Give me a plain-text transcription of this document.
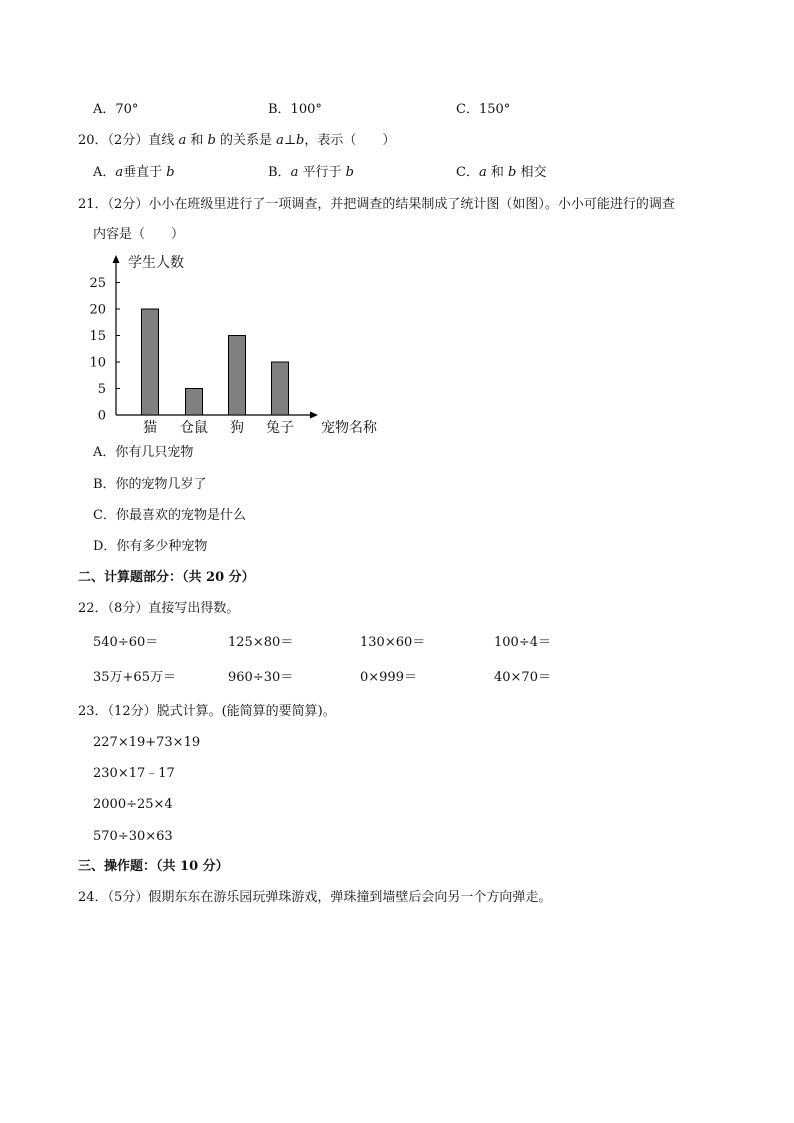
A．70°	B．100°	C．150°
20．（2分）直线 a 和 b 的关系是 a⊥b，表示（　　）
A．a垂直于 b	B．a 平行于 b	C．a 和 b 相交
21．（2分）小小在班级里进行了一项调查，并把调查的结果制成了统计图（如图）。小小可能进行的调查
内容是（　　）
0
5
10
15
20
25
学生人数
猫 仓鼠 狗 兔子 宠物名称
A．你有几只宠物
B．你的宠物几岁了
C．你最喜欢的宠物是什么
D．你有多少种宠物
二、计算题部分：（共 20 分）
22．（8分）直接写出得数。
540÷60＝	125×80＝	130×60＝	100÷4＝
35万+65万＝	960÷30＝	0×999＝	40×70＝
23．（12分）脱式计算。(能简算的要简算)。
227×19+73×19
230×17﹣17
2000÷25×4
570÷30×63
三、操作题：（共 10 分）
24．（5分）假期东东在游乐园玩弹珠游戏，弹珠撞到墙壁后会向另一个方向弹走。
